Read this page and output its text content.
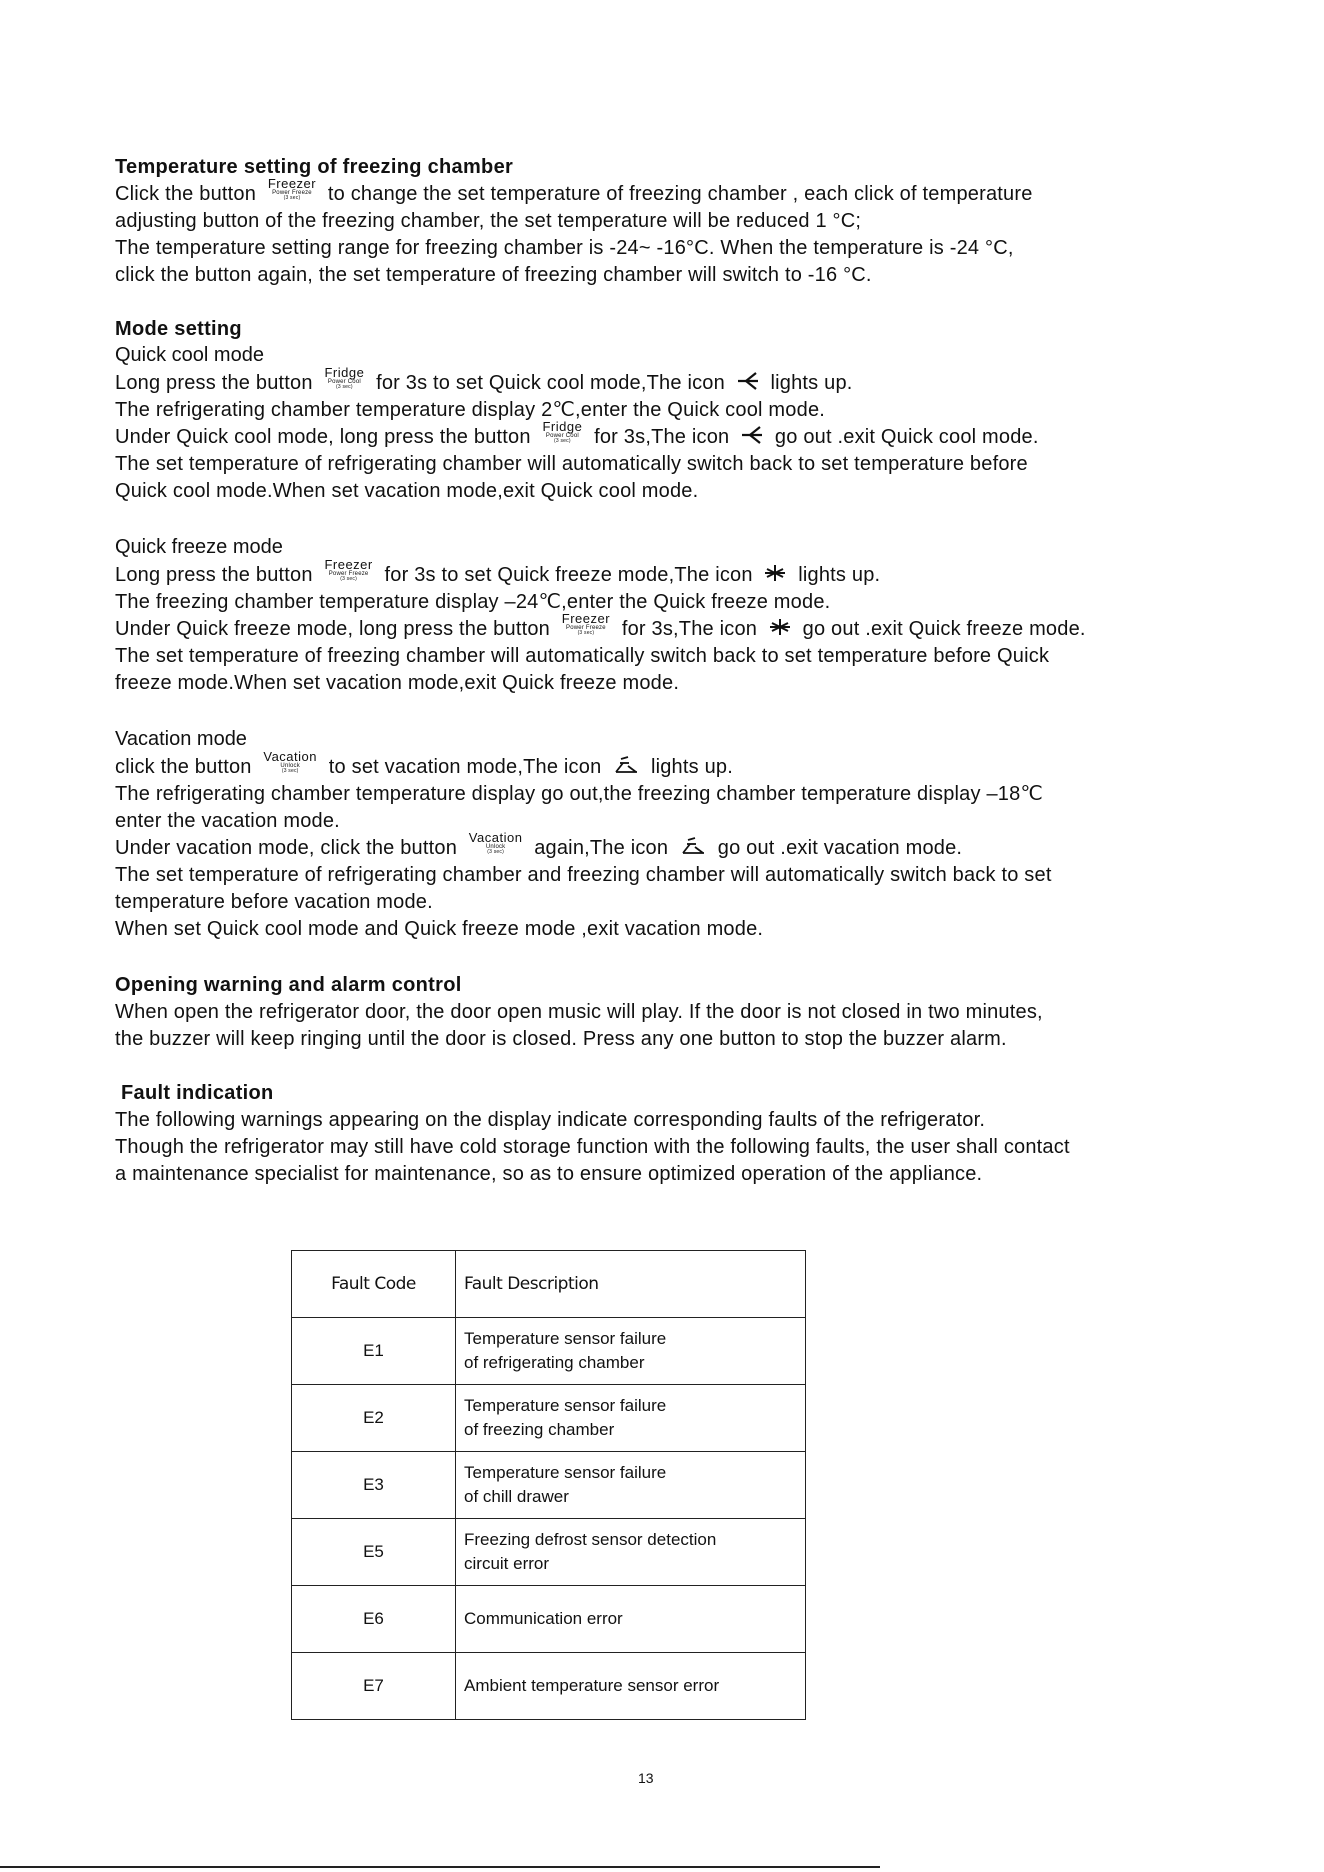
Temperature setting of freezing chamber
Click the button Freezer
Power Freeze
(3 sec)	to change the set temperature of freezing chamber , each click of temperature
adjusting button of the freezing chamber, the set temperature will be reduced 1 °C;
The temperature setting range for freezing chamber is -24~ -16°C. When the temperature is -24 °C,
click the button again, the set temperature of freezing chamber will switch to -16 °C.
Mode setting
Quick cool mode
Long press the button Fridge
Power Cool
(3 sec)	for 3s to set Quick cool mode,The icon lights up.
The refrigerating chamber temperature display 2℃,enter the Quick cool mode.
Under Quick cool mode, long press the button Fridge
Power Cool
(3 sec)	for 3s,The icon go out .exit Quick cool mode.
The set temperature of refrigerating chamber will automatically switch back to set temperature before
Quick cool mode.When set vacation mode,exit Quick cool mode.
Quick freeze mode
Long press the button Freezer
Power Freeze
(3 sec)	for 3s to set Quick freeze mode,The icon lights up.
The freezing chamber temperature display –24℃,enter the Quick freeze mode.
Under Quick freeze mode, long press the button Freezer
Power Freeze
(3 sec)	for 3s,The icon go out .exit Quick freeze mode.
The set temperature of freezing chamber will automatically switch back to set temperature before Quick
freeze mode.When set vacation mode,exit Quick freeze mode.
Vacation mode
click the button Vacation
Unlock
(3 sec)	to set vacation mode,The icon lights up.
The refrigerating chamber temperature display go out,the freezing chamber temperature display –18℃
enter the vacation mode.
Under vacation mode, click the button Vacation
Unlock
(3 sec)	again,The icon go out .exit vacation mode.
The set temperature of refrigerating chamber and freezing chamber will automatically switch back to set
temperature before vacation mode.
When set Quick cool mode and Quick freeze mode ,exit vacation mode.
Opening warning and alarm control
When open the refrigerator door, the door open music will play. If the door is not closed in two minutes,
the buzzer will keep ringing until the door is closed. Press any one button to stop the buzzer alarm.
Fault indication
The following warnings appearing on the display indicate corresponding faults of the refrigerator.
Though the refrigerator may still have cold storage function with the following faults, the user shall contact
a maintenance specialist for maintenance, so as to ensure optimized operation of the appliance.
Fault Code	Fault Description
E1	Temperature sensor failure
of refrigerating chamber

E2	Temperature sensor failure
of freezing chamber

E3	Temperature sensor failure
of chill drawer

E5	Freezing defrost sensor detection
circuit error

E6	Communication error

E7	Ambient temperature sensor error
13
